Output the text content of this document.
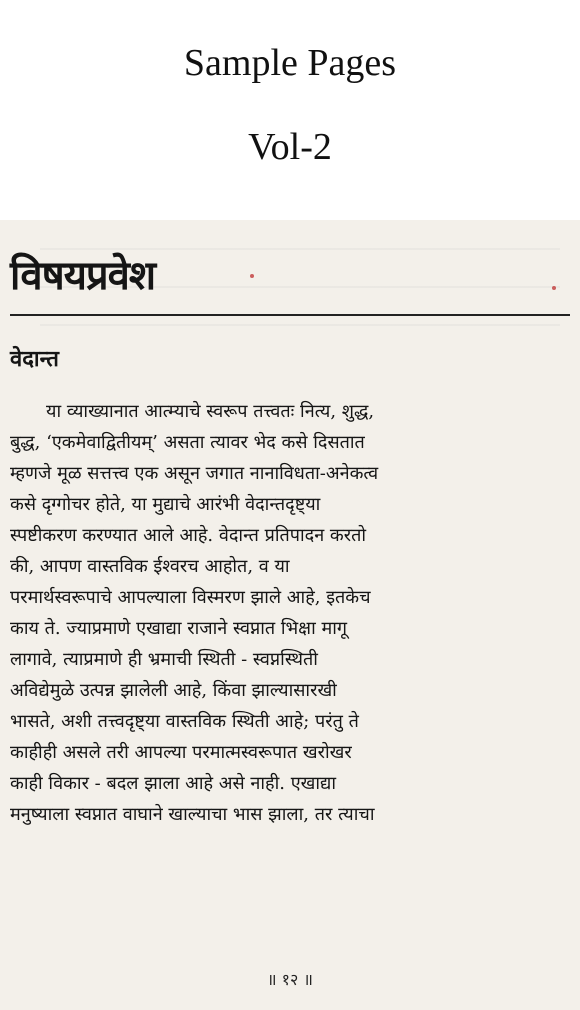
Sample Pages
Vol-2
विषयप्रवेश
वेदान्त
या व्याख्यानात आत्म्याचे स्वरूप तत्त्वतः नित्य, शुद्ध,
बुद्ध, ‘एकमेवाद्वितीयम्’ असता त्यावर भेद कसे दिसतात
म्हणजे मूळ सत्तत्त्व एक असून जगात नानाविधता-अनेकत्व
कसे दृग्गोचर होते, या मुद्याचे आरंभी वेदान्तदृष्ट्या
स्पष्टीकरण करण्यात आले आहे. वेदान्त प्रतिपादन करतो
की, आपण वास्तविक ईश्वरच आहोत, व या
परमार्थस्वरूपाचे आपल्याला विस्मरण झाले आहे, इतकेच
काय ते. ज्याप्रमाणे एखाद्या राजाने स्वप्नात भिक्षा मागू
लागावे, त्याप्रमाणे ही भ्रमाची स्थिती - स्वप्नस्थिती
अविद्येमुळे उत्पन्न झालेली आहे, किंवा झाल्यासारखी
भासते, अशी तत्त्वदृष्ट्या वास्तविक स्थिती आहे; परंतु ते
काहीही असले तरी आपल्या परमात्मस्वरूपात खरोखर
काही विकार - बदल झाला आहे असे नाही. एखाद्या
मनुष्याला स्वप्नात वाघाने खाल्याचा भास झाला, तर त्याचा
॥ १२ ॥
